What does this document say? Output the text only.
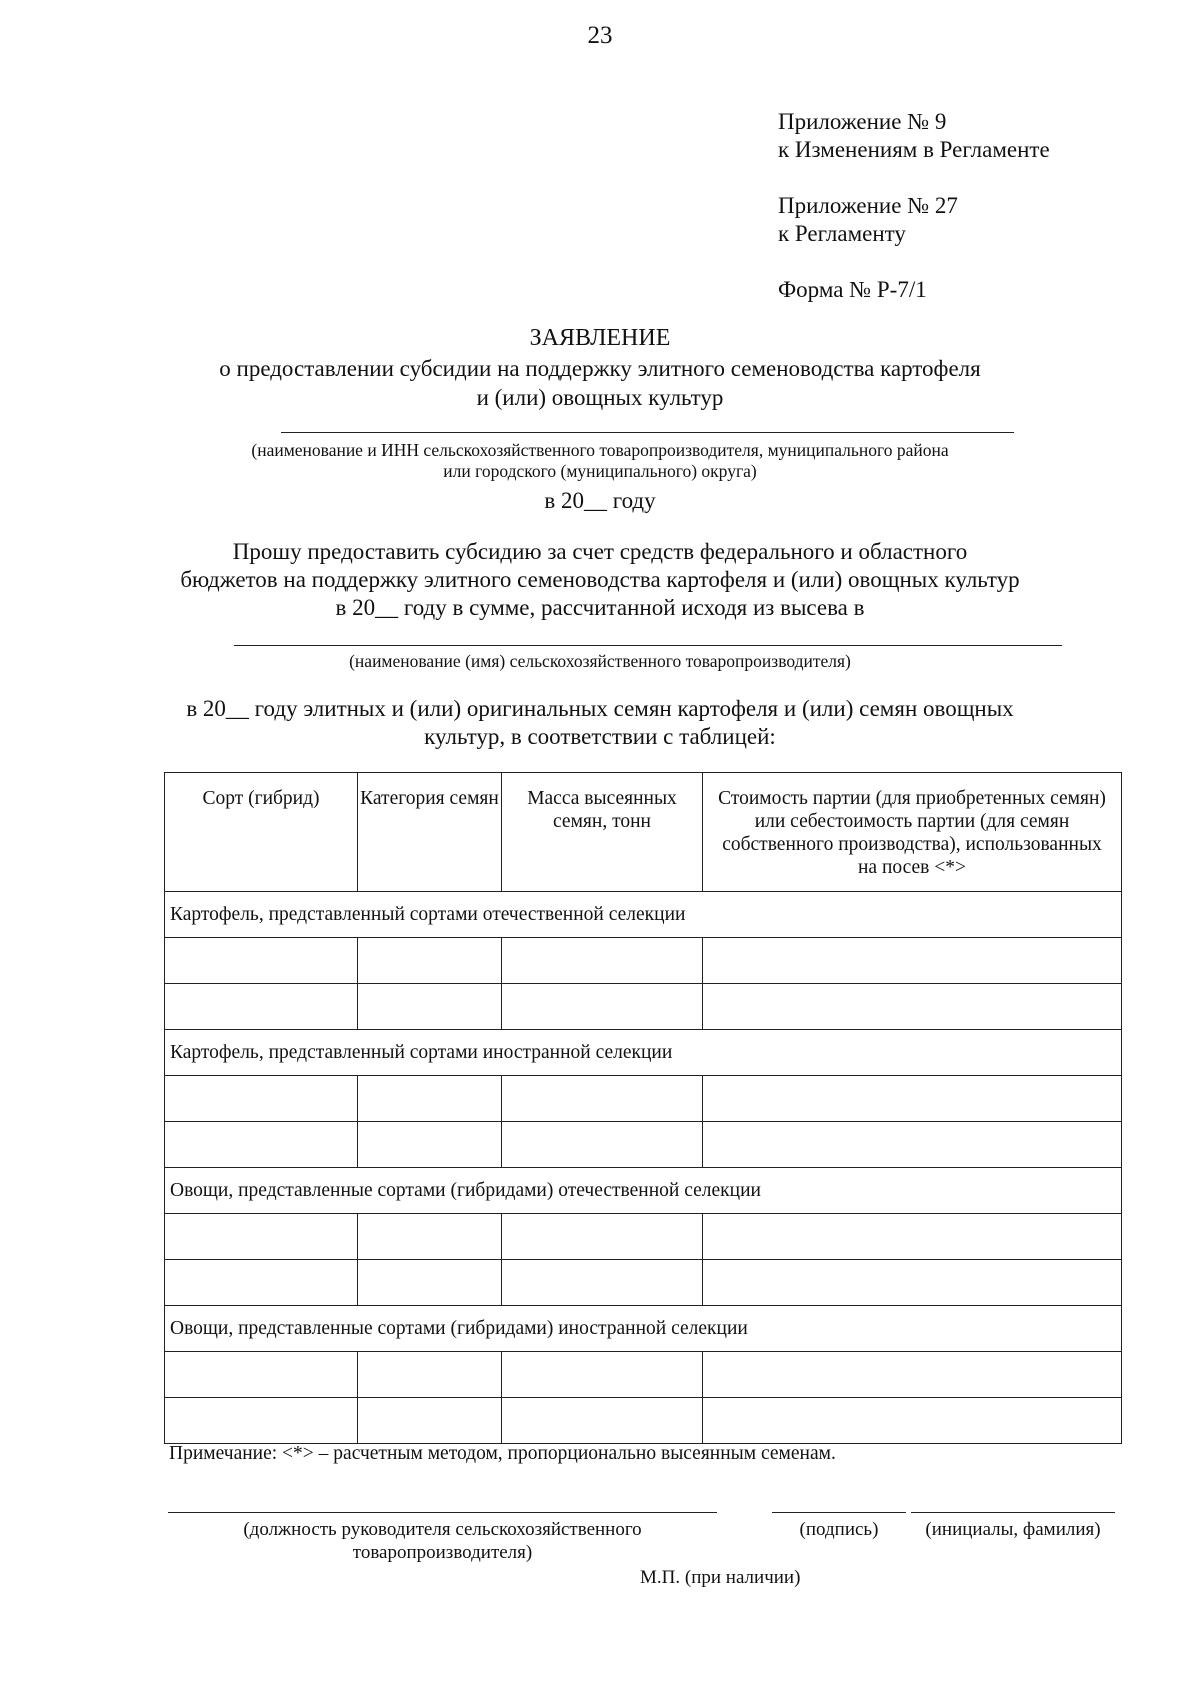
23
Приложение № 9
к Изменениям в Регламенте
Приложение № 27
к Регламенту
Форма № Р-7/1
ЗАЯВЛЕНИЕ
о предоставлении субсидии на поддержку элитного семеноводства картофеля
и (или) овощных культур
(наименование и ИНН сельскохозяйственного товаропроизводителя, муниципального района
или городского (муниципального) округа)
в 20__ году
Прошу предоставить субсидию за счет средств федерального и областного
бюджетов на поддержку элитного семеноводства картофеля и (или) овощных культур
в 20__ году в сумме, рассчитанной исходя из высева в
(наименование (имя) сельскохозяйственного товаропроизводителя)
в 20__ году элитных и (или) оригинальных семян картофеля и (или) семян овощных
культур, в соответствии с таблицей:
Сорт (гибрид)	Категория семян	Масса высеянных семян, тонн	Стоимость партии (для приобретенных семян) или себестоимость партии (для семян собственного производства), использованных на посев <*>
Картофель, представленный сортами отечественной селекции			

Картофель, представленный сортами иностранной селекции			

Овощи, представленные сортами (гибридами) отечественной селекции			

Овощи, представленные сортами (гибридами) иностранной селекции			

Примечание: <*> – расчетным методом, пропорционально высеянным семенам.
(должность руководителя сельскохозяйственного
товаропроизводителя)
(подпись)	(инициалы, фамилия)
М.П. (при наличии)
